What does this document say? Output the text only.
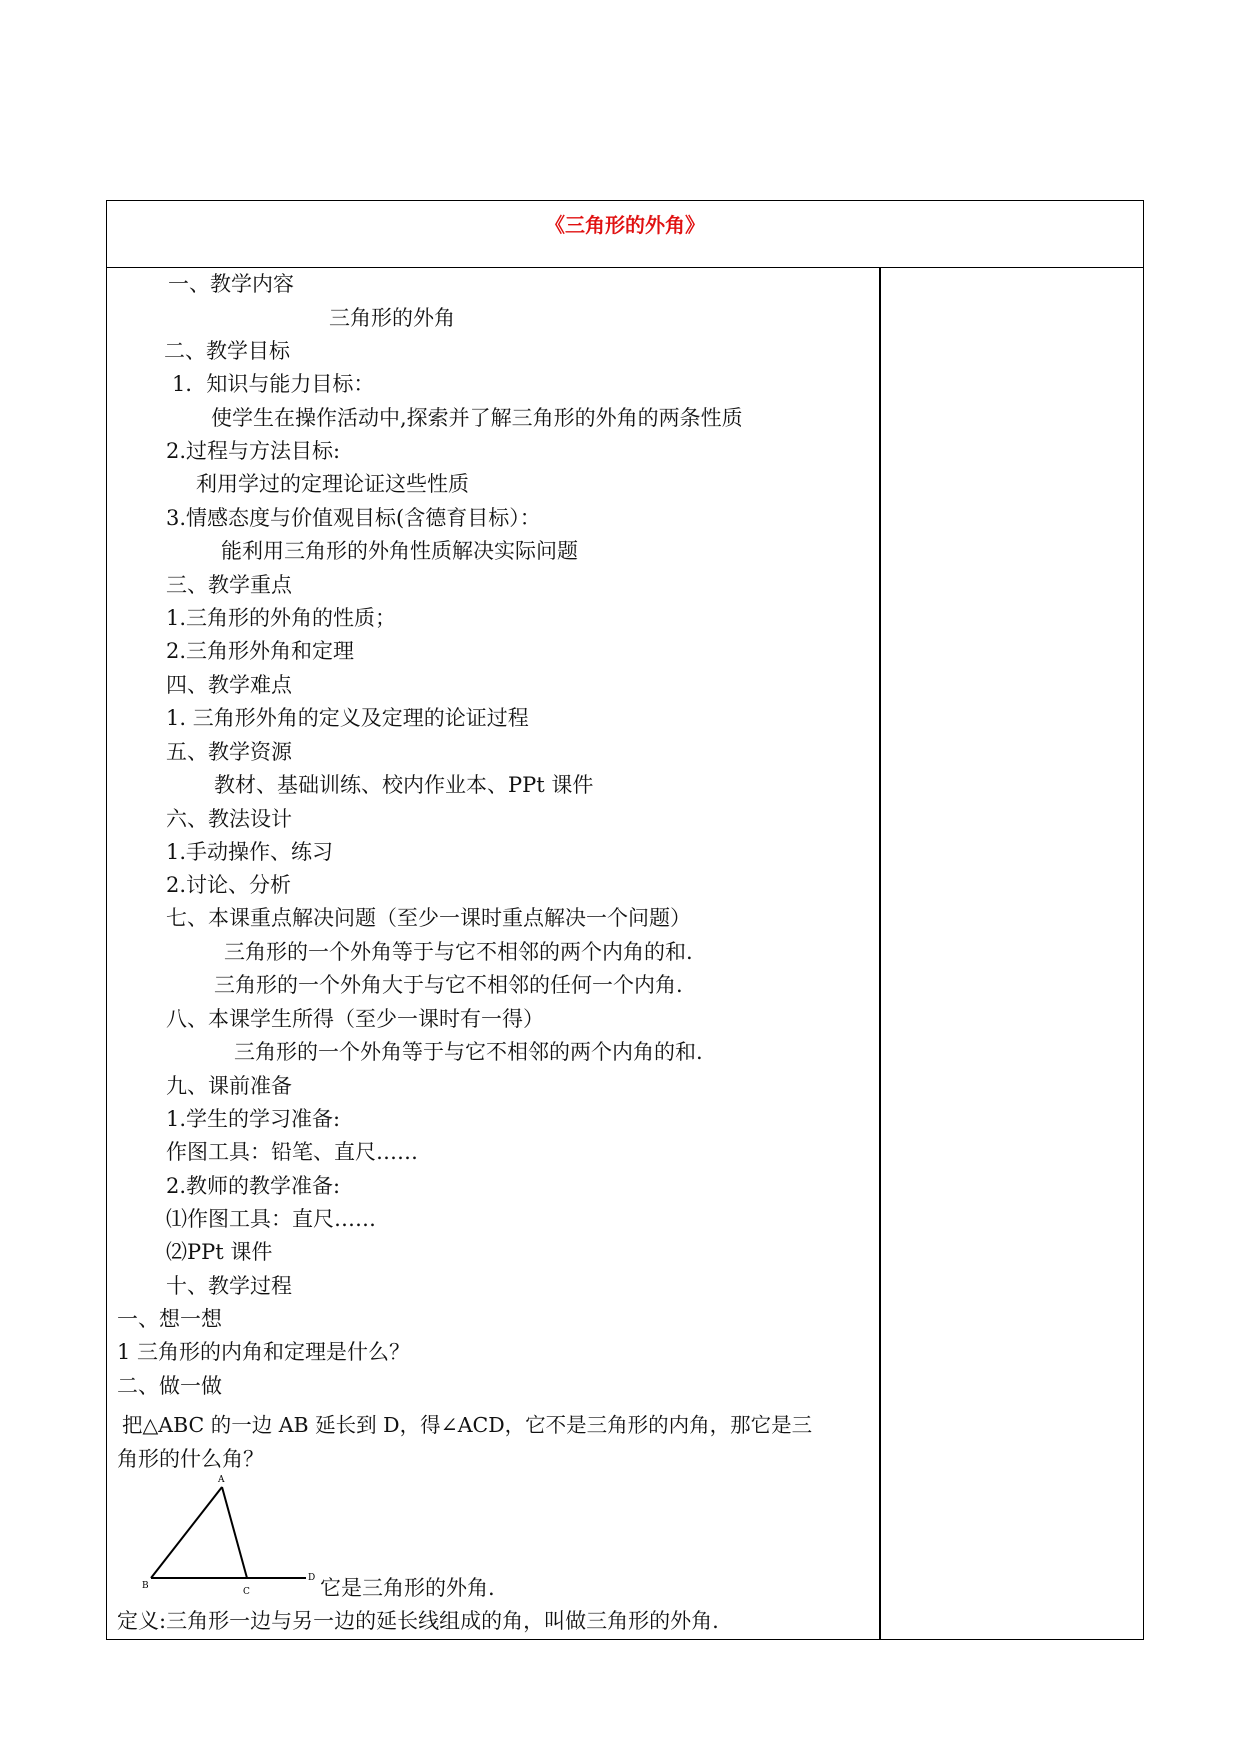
《三角形的外角》
一、教学内容
三角形的外角
二、教学目标
1．知识与能力目标：
使学生在操作活动中,探索并了解三角形的外角的两条性质
2.过程与方法目标:
利用学过的定理论证这些性质
3.情感态度与价值观目标(含德育目标）：
能利用三角形的外角性质解决实际问题
三、教学重点
1.三角形的外角的性质；
2.三角形外角和定理
四、教学难点
1. 三角形外角的定义及定理的论证过程
五、教学资源
教材、基础训练、校内作业本、PPt 课件
六、教法设计
1.手动操作、练习
2.讨论、分析
七、本课重点解决问题（至少一课时重点解决一个问题）
三角形的一个外角等于与它不相邻的两个内角的和.
三角形的一个外角大于与它不相邻的任何一个内角.
八、本课学生所得（至少一课时有一得）
三角形的一个外角等于与它不相邻的两个内角的和.
九、课前准备
1.学生的学习准备:
作图工具：铅笔、直尺……
2.教师的教学准备:
⑴作图工具：直尺……
⑵PPt 课件
十、教学过程
一、想一想
1 三角形的内角和定理是什么？
二、做一做
把△ABC 的一边 AB 延长到 D，得∠ACD，它不是三角形的内角，那它是三
角形的什么角？
它是三角形的外角.
定义:三角形一边与另一边的延长线组成的角，叫做三角形的外角.
A
B
C
D
